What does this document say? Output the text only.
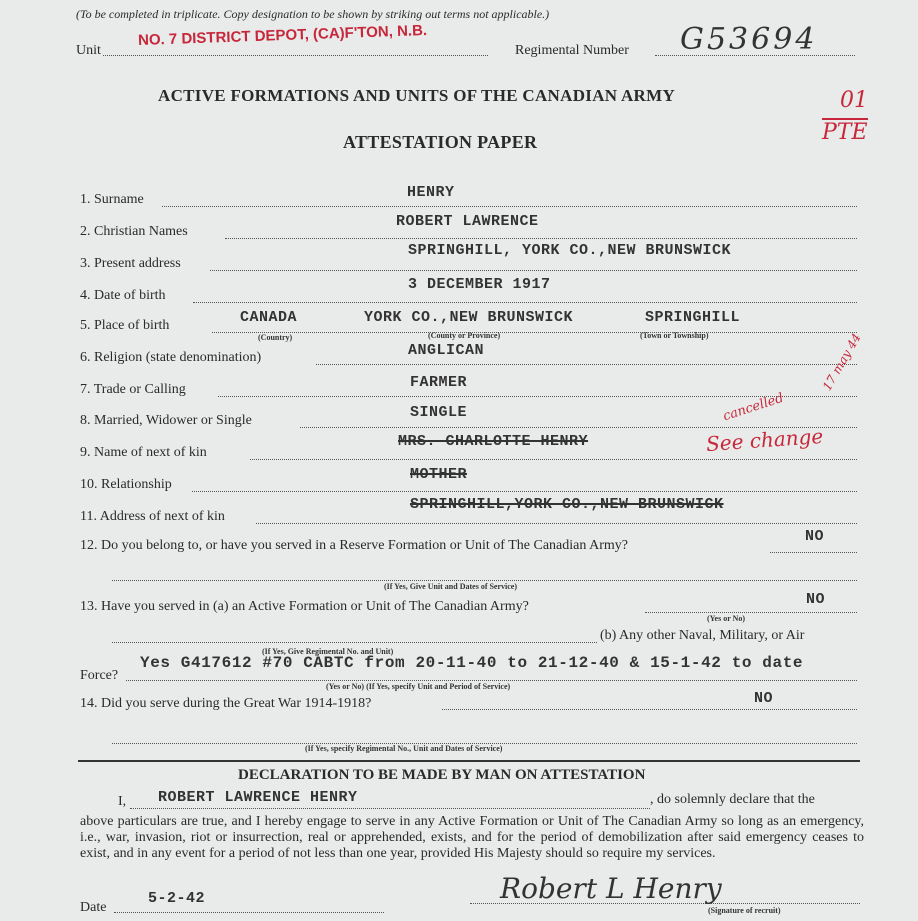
(To be completed in triplicate. Copy designation to be shown by striking out terms not applicable.)
Unit
NO. 7 DISTRICT DEPOT, (CA)F'TON, N.B.
Regimental Number G53694
ACTIVE FORMATIONS AND UNITS OF THE CANADIAN ARMY
ATTESTATION PAPER
01
PTE
1. Surname	HENRY
2. Christian Names
ROBERT LAWRENCE
3. Present address
SPRINGHILL, YORK CO.,NEW BRUNSWICK
4. Date of birth
3 DECEMBER 1917
5. Place of birth	CANADA	YORK CO.,NEW BRUNSWICK	SPRINGHILL
(Country)	(County or Province)	(Town or Township)
6. Religion (state denomination)	ANGLICAN
7. Trade or Calling	FARMER
8. Married, Widower or Single	SINGLE
9. Name of next of kin
MRS. CHARLOTTE HENRY
10. Relationship
MOTHER
11. Address of next of kin
SPRINGHILL,YORK CO.,NEW BRUNSWICK
cancelled
See change
17 may 44
12. Do you belong to, or have you served in a Reserve Formation or Unit of The Canadian Army?
NO
(If Yes, Give Unit and Dates of Service)
13. Have you served in (a) an Active Formation or Unit of The Canadian Army?	NO
(Yes or No)
(b) Any other Naval, Military, or Air
(If Yes, Give Regimental No. and Unit)
Force?
Yes G417612 #70 CABTC from 20-11-40 to 21-12-40 & 15-1-42 to date
(Yes or No) (If Yes, specify Unit and Period of Service)
14. Did you serve during the Great War 1914-1918?	NO
(If Yes, specify Regimental No., Unit and Dates of Service)
DECLARATION TO BE MADE BY MAN ON ATTESTATION
I, ROBERT LAWRENCE HENRY	, do solemnly declare that the
above particulars are true, and I hereby engage to serve in any Active Formation or Unit of The Canadian Army so long as an emergency, i.e., war, invasion, riot or insurrection, real or apprehended, exists, and for the period of demobilization after said emergency ceases to exist, and in any event for a period of not less than one year, provided His Majesty should so require my services.
Date
5-2-42	Robert L Henry
(Signature of recruit)
